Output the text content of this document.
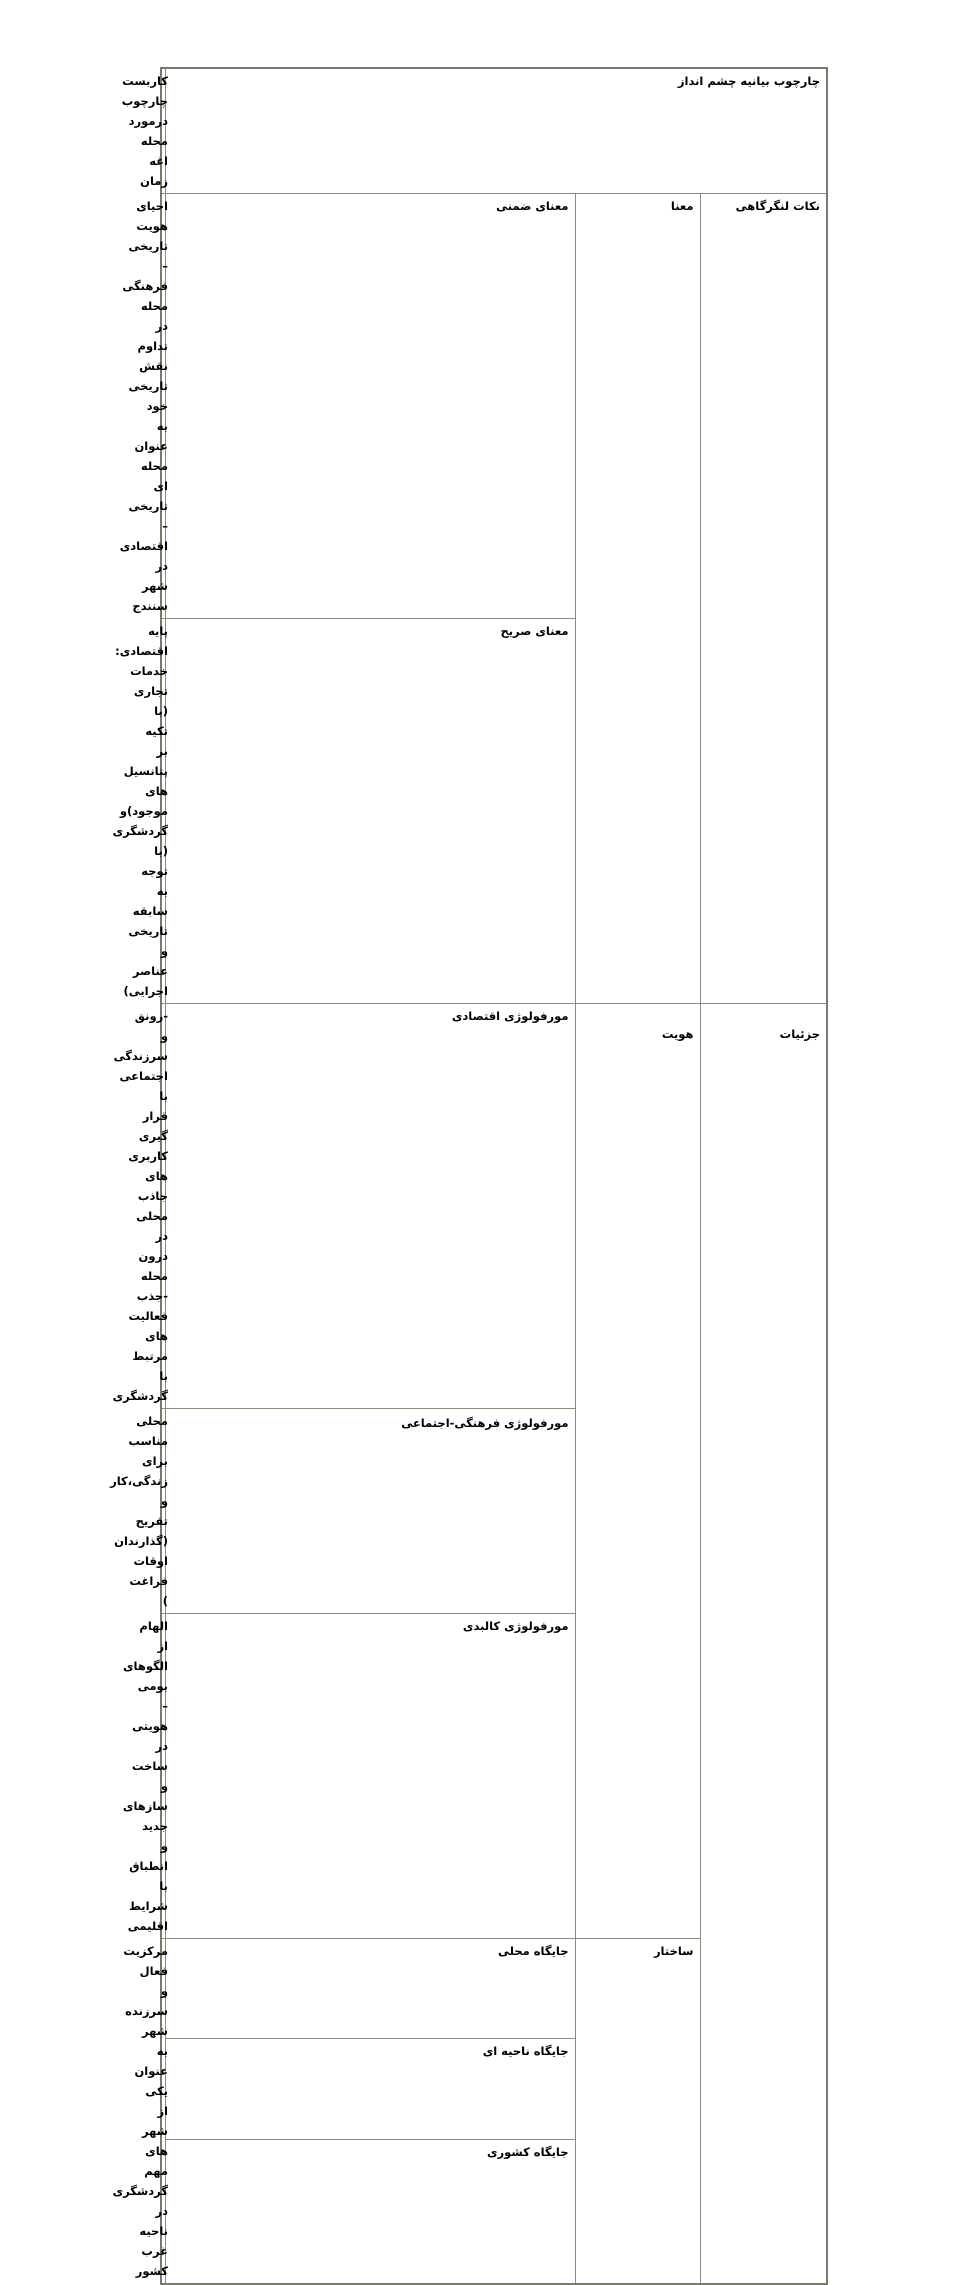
چارچوب بیانیه چشم انداز			کاربست چارچوب درمورد محله اغه زمان
نکات لنگرگاهی	معنا	معنای ضمنی	احیای هویت تاریخی –فرهنگی محله در تداوم نقش تاریخی خود به عنوان محله ای تاریخی –اقتصادی در شهر سنندج
		معنای صریح	پایه اقتصادی: خدمات تجاری (با تکیه بر پتانسیل های موجود)و گردشگری (با توجه به سابقه تاریخی و عناصر اجرایی)
جزئیات	هویت	مورفولوژی اقتصادی	-رونق و سرزندگی اجتماعی با قرار گیری کاربری های جاذب محلی در درون محله -جذب فعالیت های مرتبط با گردشگری
		مورفولوژی فرهنگی-اجتماعی	محلی مناسب برای زندگی،کار و تفریح (گذارندان اوقات فراغت )
		مورفولوژی کالبدی	الهام از الگوهای بومی –هویتی در ساخت و سازهای جدید و انطباق با شرایط اقلیمی
	ساختار	جایگاه محلی	مرکزیت فعال و سرزنده شهر به عنوان یکی از شهر های مهم گردشگری در ناحیه غرب کشور
		جایگاه ناحیه ای	
		جایگاه کشوری	
